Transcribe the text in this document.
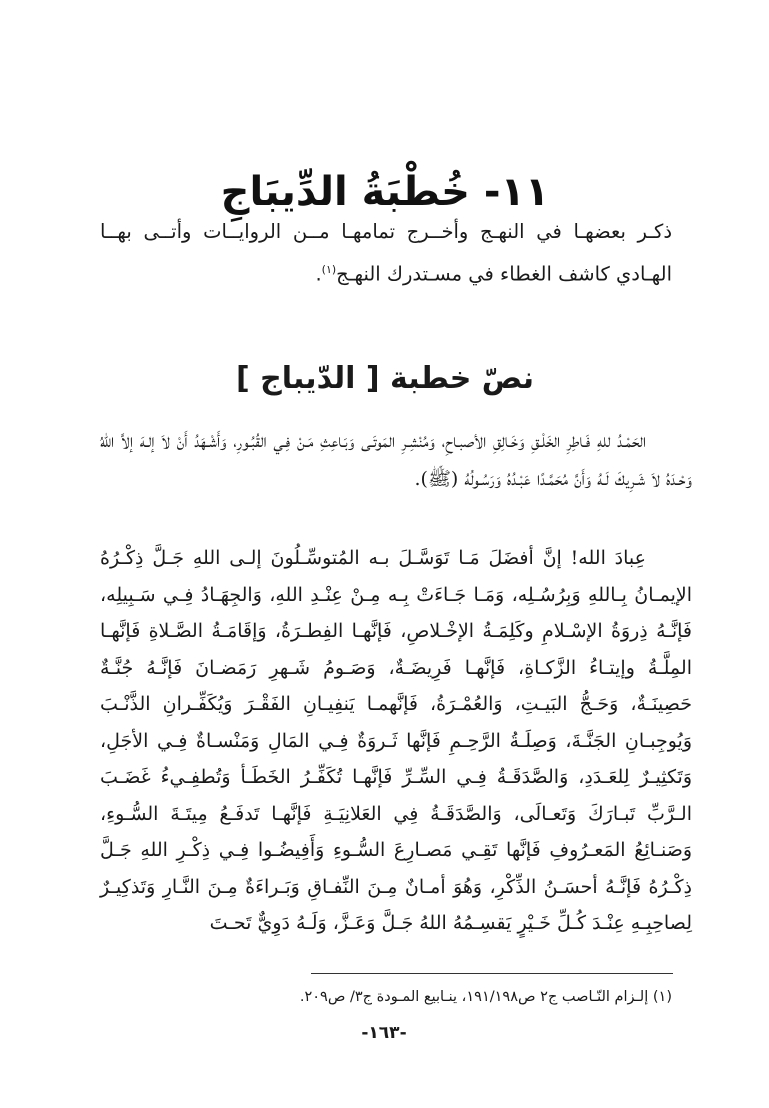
١١- خُطْبَةُ الدِّيبَاجِ

ذكـر بعضهـا في النهـج وأخــرج تمامهـا مــن الروايــات وأتــى بهــا الهـادي كاشف الغطاء في مسـتدرك النهـج$^{(١)}$.

نصّ خطبة [ الدّيباج ]

الحَمْـدُ للهِ فَـاطِرِ الخَلْـقِ وَخَـالِقِ الأصبـاحِ، وَمُنْشِـرِ المَوتَـى وَبَـاعِثِ مَـنْ فِـي القُبُـورِ، وَأَشْـهَدُ أَنْ لاَ إلـهَ إلاَّ اللهُ وَحْـدَهُ لاَ شَـرِيكَ لَـهُ وَأَنَّ مُحَمَّـدًا عَبْـدُهُ وَرَسُـولُهُ (ﷺ).

عِبادَ الله! إنَّ أفضَلَ مَـا تَوَسَّـلَ بـه المُتوسِّـلُونَ إلـى اللهِ جَـلَّ ذِكْـرُهُ الإيمـانُ بِـاللهِ وَبِرُسُـلِه، وَمَـا جَـاءَتْ بِـه مِـنْ عِنْـدِ اللهِ، وَالجِهَـادُ فِـي سَـبِيلِه، فَإنَّـهُ ذِروَةُ الإسْـلامِ وكَلِمَـةُ الإخْـلاصِ، فَإنَّهـا الفِطـرَةُ، وَإقَامَـةُ الصَّـلاةِ فَإنَّهـا المِلَّـةُ وإيتـاءُ الزَّكـاةِ، فَإنَّهـا فَرِيضَـةٌ، وَصَـومُ شَـهرِ رَمَضـانَ فَإنَّـهُ جُنَّـةٌ حَصِينَـةٌ، وَحَـجُّ البَيـتِ، وَالعُمْـرَةُ، فَإنَّهمـا يَنفِيـانِ الفَقْـرَ وَيُكَفِّـرانِ الذَّنْـبَ وَيُوجِبـانِ الجَنَّـةَ، وَصِلَـةُ الرَّحِـمِ فَإنَّها ثَـروَةٌ فِـي المَالِ وَمَنْسـاةٌ فِـي الأجَلِ، وَتَكثِيـرٌ لِلعَـدَدِ، وَالصَّدَقَـةُ فِـي السِّـرِّ فَإنَّهـا تُكَفِّـرُ الخَطَـأ وَتُطفِـيءُ غَضَـبَ الـرَّبِّ تَبـارَكَ وَتَعـالَى، وَالصَّدَقَـةُ فِي العَلانِيَـةِ فَإنَّهـا تَدفَـعُ مِيتَـةَ السُّـوءِ، وَصَنـائِعُ المَعـرُوفِ فَإنَّها تَقِـي مَصـارِعَ السُّـوءِ وَأَفِيضُـوا فِـي ذِكْـرِ اللهِ جَـلَّ ذِكْـرُهُ فَإنَّـهُ أحسَـنُ الذِّكْرِ، وَهُوَ أمـانٌ مِـنَ النِّفـاقِ وَبَـراءَةٌ مِـنَ النَّـارِ وَتَذكِيـرٌ لِصاحِبِـهِ عِنْـدَ كُـلِّ خَـيْرٍ يَقسِـمُهُ اللهُ جَـلَّ وَعَـزَّ، وَلَـهُ دَوِيٌّ تَحـتَ

(١) إلـزام النّـاصب ج٢ ص١٩١/١٩٨، ينـابيع المـودة ج٣/ ص٢٠٩.

-١٦٣-
